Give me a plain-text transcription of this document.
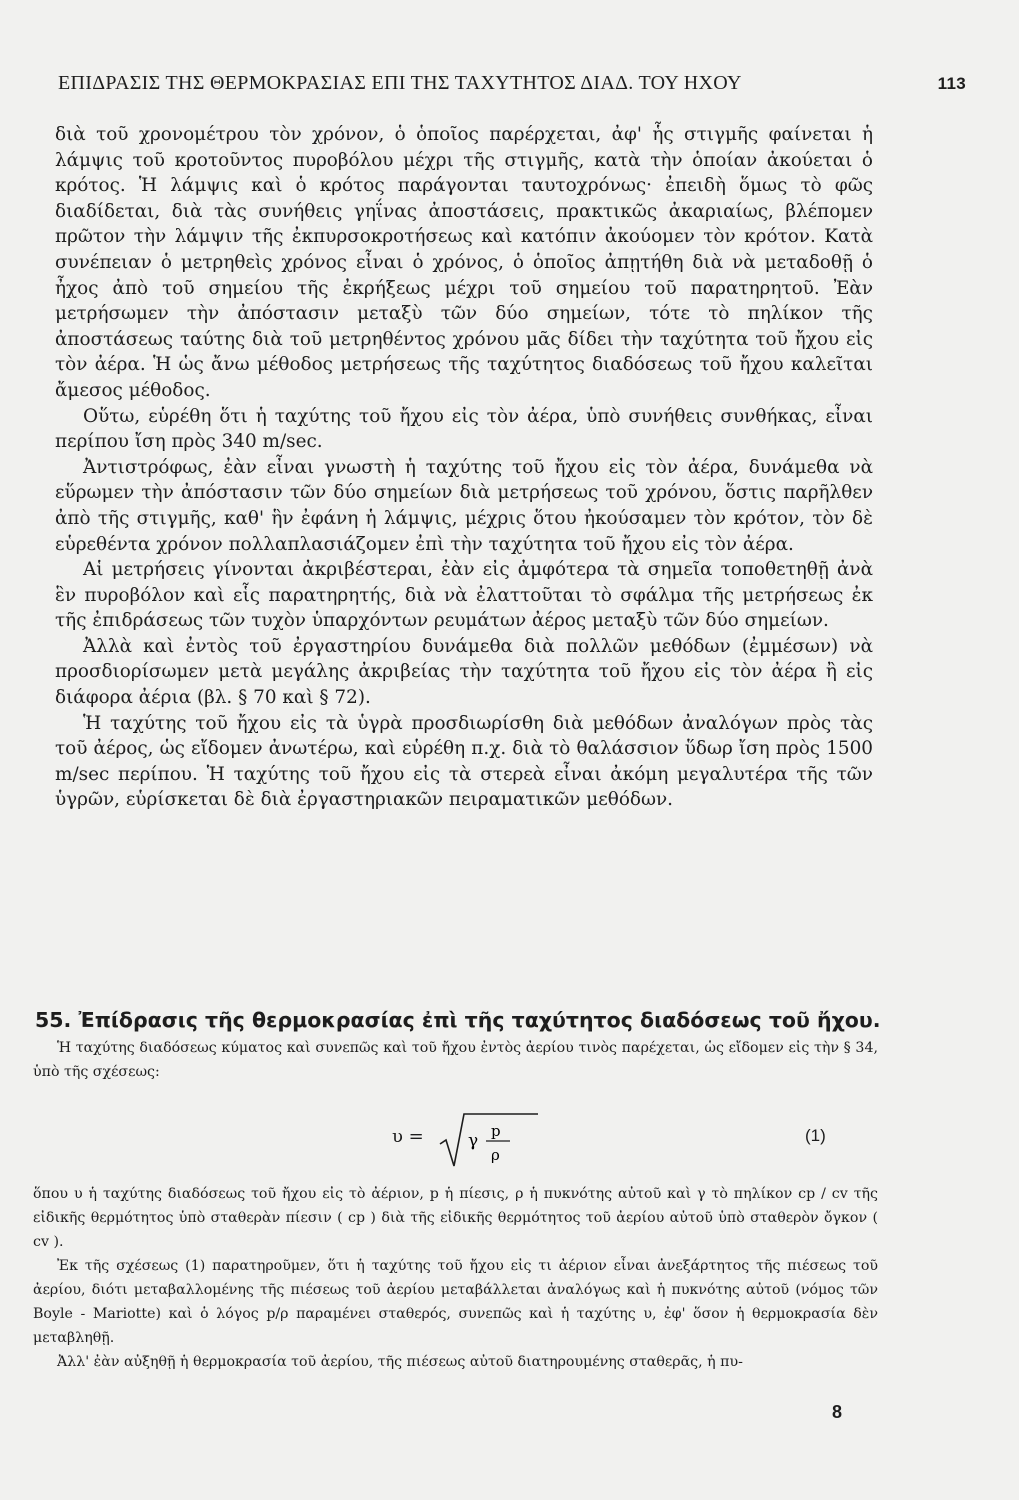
ΕΠΙΔΡΑΣΙΣ ΤΗΣ ΘΕΡΜΟΚΡΑΣΙΑΣ ΕΠΙ ΤΗΣ ΤΑΧΥΤΗΤΟΣ ΔΙΑΔ. ΤΟΥ ΗΧΟΥ	113

διὰ τοῦ χρονομέτρου τὸν χρόνον, ὁ ὁποῖος παρέρχεται, ἀφ' ἧς στιγμῆς φαίνεται ἡ λάμψις τοῦ κροτοῦντος πυροβόλου μέχρι τῆς στιγμῆς, κατὰ τὴν ὁποίαν ἀκούεται ὁ κρότος. Ἡ λάμψις καὶ ὁ κρότος παράγονται ταυτοχρόνως· ἐπειδὴ ὅμως τὸ φῶς διαδίδεται, διὰ τὰς συνήθεις γηΐνας ἀποστάσεις, πρακτικῶς ἀκαριαίως, βλέπομεν πρῶτον τὴν λάμψιν τῆς ἐκπυρσοκροτήσεως καὶ κατόπιν ἀκούομεν τὸν κρότον. Κατὰ συνέπειαν ὁ μετρηθεὶς χρόνος εἶναι ὁ χρόνος, ὁ ὁποῖος ἀπῃτήθη διὰ νὰ μεταδοθῇ ὁ ἦχος ἀπὸ τοῦ σημείου τῆς ἐκρήξεως μέχρι τοῦ σημείου τοῦ παρατηρητοῦ. Ἐὰν μετρήσωμεν τὴν ἀπόστασιν μεταξὺ τῶν δύο σημείων, τότε τὸ πηλίκον τῆς ἀποστάσεως ταύτης διὰ τοῦ μετρηθέντος χρόνου μᾶς δίδει τὴν ταχύτητα τοῦ ἤχου εἰς τὸν ἀέρα. Ἡ ὡς ἄνω μέθοδος μετρήσεως τῆς ταχύτητος διαδόσεως τοῦ ἤχου καλεῖται ἄμεσος μέθοδος.

Οὕτω, εὑρέθη ὅτι ἡ ταχύτης τοῦ ἤχου εἰς τὸν ἀέρα, ὑπὸ συνήθεις συνθήκας, εἶναι περίπου ἴση πρὸς 340 m/sec.

Ἀντιστρόφως, ἐὰν εἶναι γνωστὴ ἡ ταχύτης τοῦ ἤχου εἰς τὸν ἀέρα, δυνάμεθα νὰ εὕρωμεν τὴν ἀπόστασιν τῶν δύο σημείων διὰ μετρήσεως τοῦ χρόνου, ὅστις παρῆλθεν ἀπὸ τῆς στιγμῆς, καθ' ἣν ἐφάνη ἡ λάμψις, μέχρις ὅτου ἠκούσαμεν τὸν κρότον, τὸν δὲ εὑρεθέντα χρόνον πολλαπλασιάζομεν ἐπὶ τὴν ταχύτητα τοῦ ἤχου εἰς τὸν ἀέρα.

Αἱ μετρήσεις γίνονται ἀκριβέστεραι, ἐὰν εἰς ἀμφότερα τὰ σημεῖα τοποθετηθῇ ἀνὰ ἓν πυροβόλον καὶ εἷς παρατηρητής, διὰ νὰ ἐλαττοῦται τὸ σφάλμα τῆς μετρήσεως ἐκ τῆς ἐπιδράσεως τῶν τυχὸν ὑπαρχόντων ρευμάτων ἀέρος μεταξὺ τῶν δύο σημείων.

Ἀλλὰ καὶ ἐντὸς τοῦ ἐργαστηρίου δυνάμεθα διὰ πολλῶν μεθόδων (ἐμμέσων) νὰ προσδιορίσωμεν μετὰ μεγάλης ἀκριβείας τὴν ταχύτητα τοῦ ἤχου εἰς τὸν ἀέρα ἢ εἰς διάφορα ἀέρια (βλ. § 70 καὶ § 72).

Ἡ ταχύτης τοῦ ἤχου εἰς τὰ ὑγρὰ προσδιωρίσθη διὰ μεθόδων ἀναλόγων πρὸς τὰς τοῦ ἀέρος, ὡς εἴδομεν ἀνωτέρω, καὶ εὑρέθη π.χ. διὰ τὸ θαλάσσιον ὕδωρ ἴση πρὸς 1500 m/sec περίπου. Ἡ ταχύτης τοῦ ἤχου εἰς τὰ στερεὰ εἶναι ἀκόμη μεγαλυτέρα τῆς τῶν ὑγρῶν, εὑρίσκεται δὲ διὰ ἐργαστηριακῶν πειραματικῶν μεθόδων.

55. Ἐπίδρασις τῆς θερμοκρασίας ἐπὶ τῆς ταχύτητος διαδόσεως τοῦ ἤχου.

Ἡ ταχύτης διαδόσεως κύματος καὶ συνεπῶς καὶ τοῦ ἤχου ἐντὸς ἀερίου τινὸς παρέχεται, ὡς εἴδομεν εἰς τὴν § 34, ὑπὸ τῆς σχέσεως:

υ =	γ p
ρ
(1)

ὅπου υ ἡ ταχύτης διαδόσεως τοῦ ἤχου εἰς τὸ ἀέριον, p ἡ πίεσις, ρ ἡ πυκνότης αὐτοῦ καὶ γ τὸ πηλίκον cp / cv τῆς εἰδικῆς θερμότητος ὑπὸ σταθερὰν πίεσιν ( cp ) διὰ τῆς εἰδικῆς θερμότητος τοῦ ἀερίου αὐτοῦ ὑπὸ σταθερὸν ὄγκον ( cv ).

Ἐκ τῆς σχέσεως (1) παρατηροῦμεν, ὅτι ἡ ταχύτης τοῦ ἤχου εἰς τι ἀέριον εἶναι ἀνεξάρτητος τῆς πιέσεως τοῦ ἀερίου, διότι μεταβαλλομένης τῆς πιέσεως τοῦ ἀερίου μεταβάλλεται ἀναλόγως καὶ ἡ πυκνότης αὐτοῦ (νόμος τῶν Boyle - Mariotte) καὶ ὁ λόγος p/ρ παραμένει σταθερός, συνεπῶς καὶ ἡ ταχύτης υ, ἐφ' ὅσον ἡ θερμοκρασία δὲν μεταβληθῇ.

Ἀλλ' ἐὰν αὐξηθῇ ἡ θερμοκρασία τοῦ ἀερίου, τῆς πιέσεως αὐτοῦ διατηρουμένης σταθερᾶς, ἡ πυ-

8
